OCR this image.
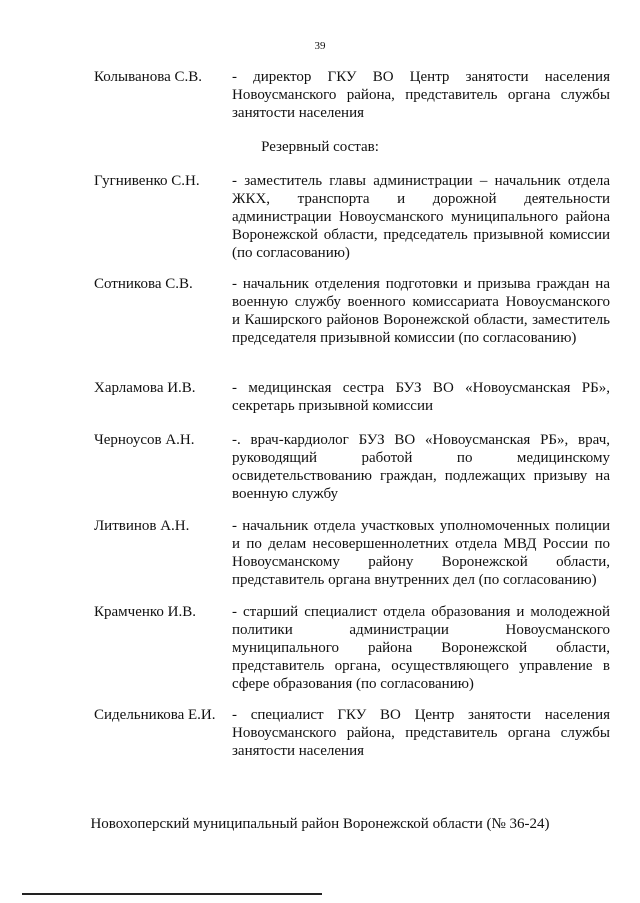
39
Колыванова С.В.	- директор ГКУ ВО Центр занятости населения Новоусманского района, представитель органа службы занятости населения
Резервный состав:
Гугнивенко С.Н.	- заместитель главы администрации – начальник отдела ЖКХ, транспорта и дорожной деятельности администрации Новоусманского муниципального района Воронежской области, председатель призывной комиссии (по согласованию)
Сотникова С.В.	- начальник отделения подготовки и призыва граждан на военную службу военного комиссариата Новоусманского и Каширского районов Воронежской области, заместитель председателя призывной комиссии (по согласованию)
Харламова И.В.	- медицинская сестра БУЗ ВО «Новоусманская РБ», секретарь призывной комиссии
Черноусов А.Н.	-. врач-кардиолог БУЗ ВО «Новоусманская РБ», врач, руководящий работой по медицинскому освидетельствованию граждан, подлежащих призыву на военную службу
Литвинов А.Н.	- начальник отдела участковых уполномоченных полиции и по делам несовершеннолетних отдела МВД России по Новоусманскому району Воронежской области, представитель органа внутренних дел (по согласованию)
Крамченко И.В.	- старший специалист отдела образования и молодежной политики администрации Новоусманского муниципального района Воронежской области, представитель органа, осуществляющего управление в сфере образования (по согласованию)
Сидельникова Е.И.	- специалист ГКУ ВО Центр занятости населения Новоусманского района, представитель органа службы занятости населения
Новохоперский муниципальный район Воронежской области (№ 36-24)
